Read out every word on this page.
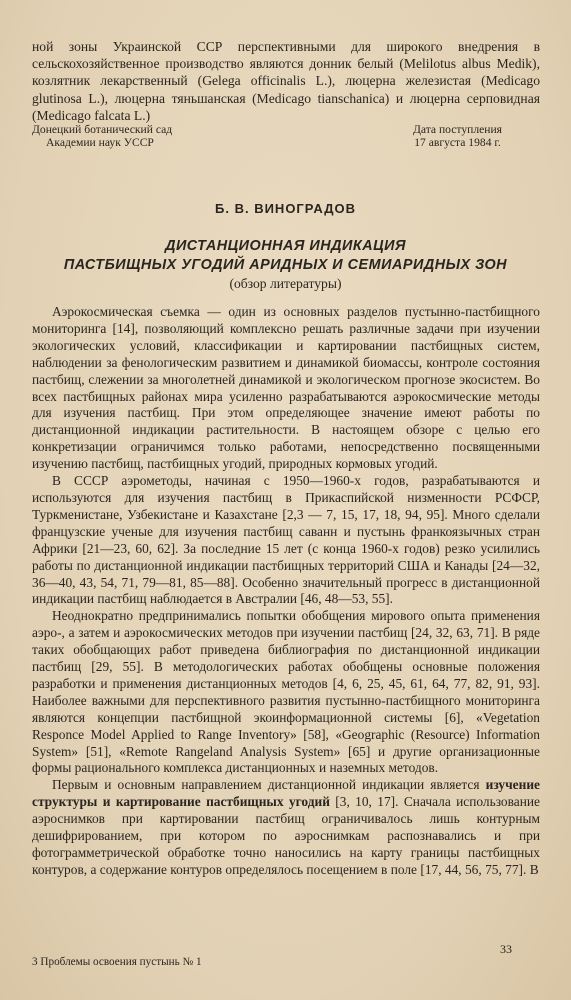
ной зоны Украинской ССР перспективными для широкого внедрения в сельскохозяйственное производство являются донник белый (Melilotus albus Medik), козлятник лекарственный (Gelega officinalis L.), люцерна железистая (Medicago glutinosa L.), люцерна тяньшанская (Medicago tianschanica) и люцерна серповидная (Medicago falcata L.)

Донецкий ботанический сад
Академии наук УССР
Дата поступления
17 августа 1984 г.
Б. В. ВИНОГРАДОВ
ДИСТАНЦИОННАЯ ИНДИКАЦИЯ
ПАСТБИЩНЫХ УГОДИЙ АРИДНЫХ И СЕМИАРИДНЫХ ЗОН
(обзор литературы)

Аэрокосмическая съемка — один из основных разделов пустынно-пастбищного мониторинга [14], позволяющий комплексно решать различные задачи при изучении экологических условий, классификации и картировании пастбищных систем, наблюдении за фенологическим развитием и динамикой биомассы, контроле состояния пастбищ, слежении за многолетней динамикой и экологическом прогнозе экосистем. Во всех пастбищных районах мира усиленно разрабатываются аэрокосмические методы для изучения пастбищ. При этом определяющее значение имеют работы по дистанционной индикации растительности. В настоящем обзоре с целью его конкретизации ограничимся только работами, непосредственно посвященными изучению пастбищ, пастбищных угодий, природных кормовых угодий.

В СССР аэрометоды, начиная с 1950—1960-х годов, разрабатываются и используются для изучения пастбищ в Прикаспийской низменности РСФСР, Туркменистане, Узбекистане и Казахстане [2,3 — 7, 15, 17, 18, 94, 95]. Много сделали французские ученые для изучения пастбищ саванн и пустынь франкоязычных стран Африки [21—23, 60, 62]. За последние 15 лет (с конца 1960-х годов) резко усилились работы по дистанционной индикации пастбищных территорий США и Канады [24—32, 36—40, 43, 54, 71, 79—81, 85—88]. Особенно значительный прогресс в дистанционной индикации пастбищ наблюдается в Австралии [46, 48—53, 55].

Неоднократно предпринимались попытки обобщения мирового опыта применения аэро-, а затем и аэрокосмических методов при изучении пастбищ [24, 32, 63, 71]. В ряде таких обобщающих работ приведена библиография по дистанционной индикации пастбищ [29, 55]. В методологических работах обобщены основные положения разработки и применения дистанционных методов [4, 6, 25, 45, 61, 64, 77, 82, 91, 93]. Наиболее важными для перспективного развития пустынно-пастбищного мониторинга являются концепции пастбищной экоинформационной системы [6], «Vegetation Responce Model Applied to Range Inventory» [58], «Geographic (Resource) Information System» [51], «Remote Rangeland Analysis System» [65] и другие организационные формы рационального комплекса дистанционных и наземных методов.

Первым и основным направлением дистанционной индикации является изучение структуры и картирование пастбищных угодий [3, 10, 17]. Сначала использование аэроснимков при картировании пастбищ ограничивалось лишь контурным дешифрированием, при котором по аэроснимкам распознавались и при фотограмметрической обработке точно наносились на карту границы пастбищных контуров, а содержание контуров определялось посещением в поле [17, 44, 56, 75, 77]. В

3 Проблемы освоения пустынь № 1
33
